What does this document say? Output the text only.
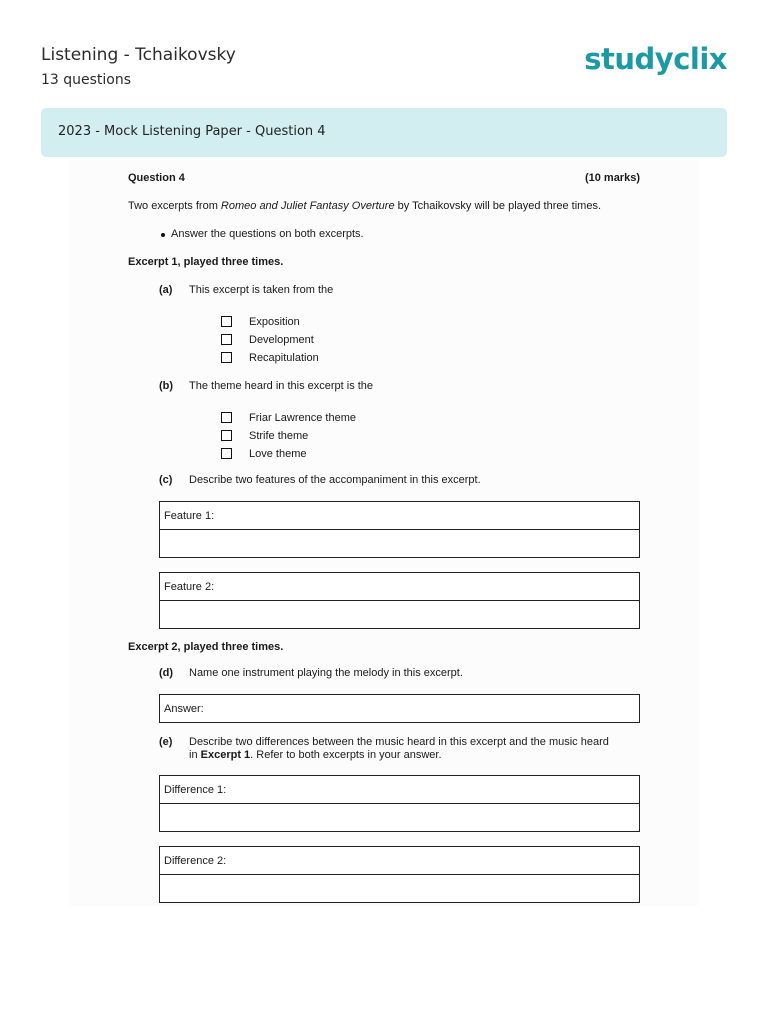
Listening - Tchaikovsky
13 questions
studyclix
2023 - Mock Listening Paper - Question 4
Question 4	(10 marks)
Two excerpts from Romeo and Juliet Fantasy Overture by Tchaikovsky will be played three times.
Answer the questions on both excerpts.
Excerpt 1, played three times.
(a) This excerpt is taken from the
Exposition
Development
Recapitulation
(b) The theme heard in this excerpt is the
Friar Lawrence theme
Strife theme
Love theme
(c) Describe two features of the accompaniment in this excerpt.
Feature 1:
Feature 2:
Excerpt 2, played three times.
(d) Name one instrument playing the melody in this excerpt.
Answer:
(e) Describe two differences between the music heard in this excerpt and the music heard
in Excerpt 1. Refer to both excerpts in your answer.
Difference 1:
Difference 2:
